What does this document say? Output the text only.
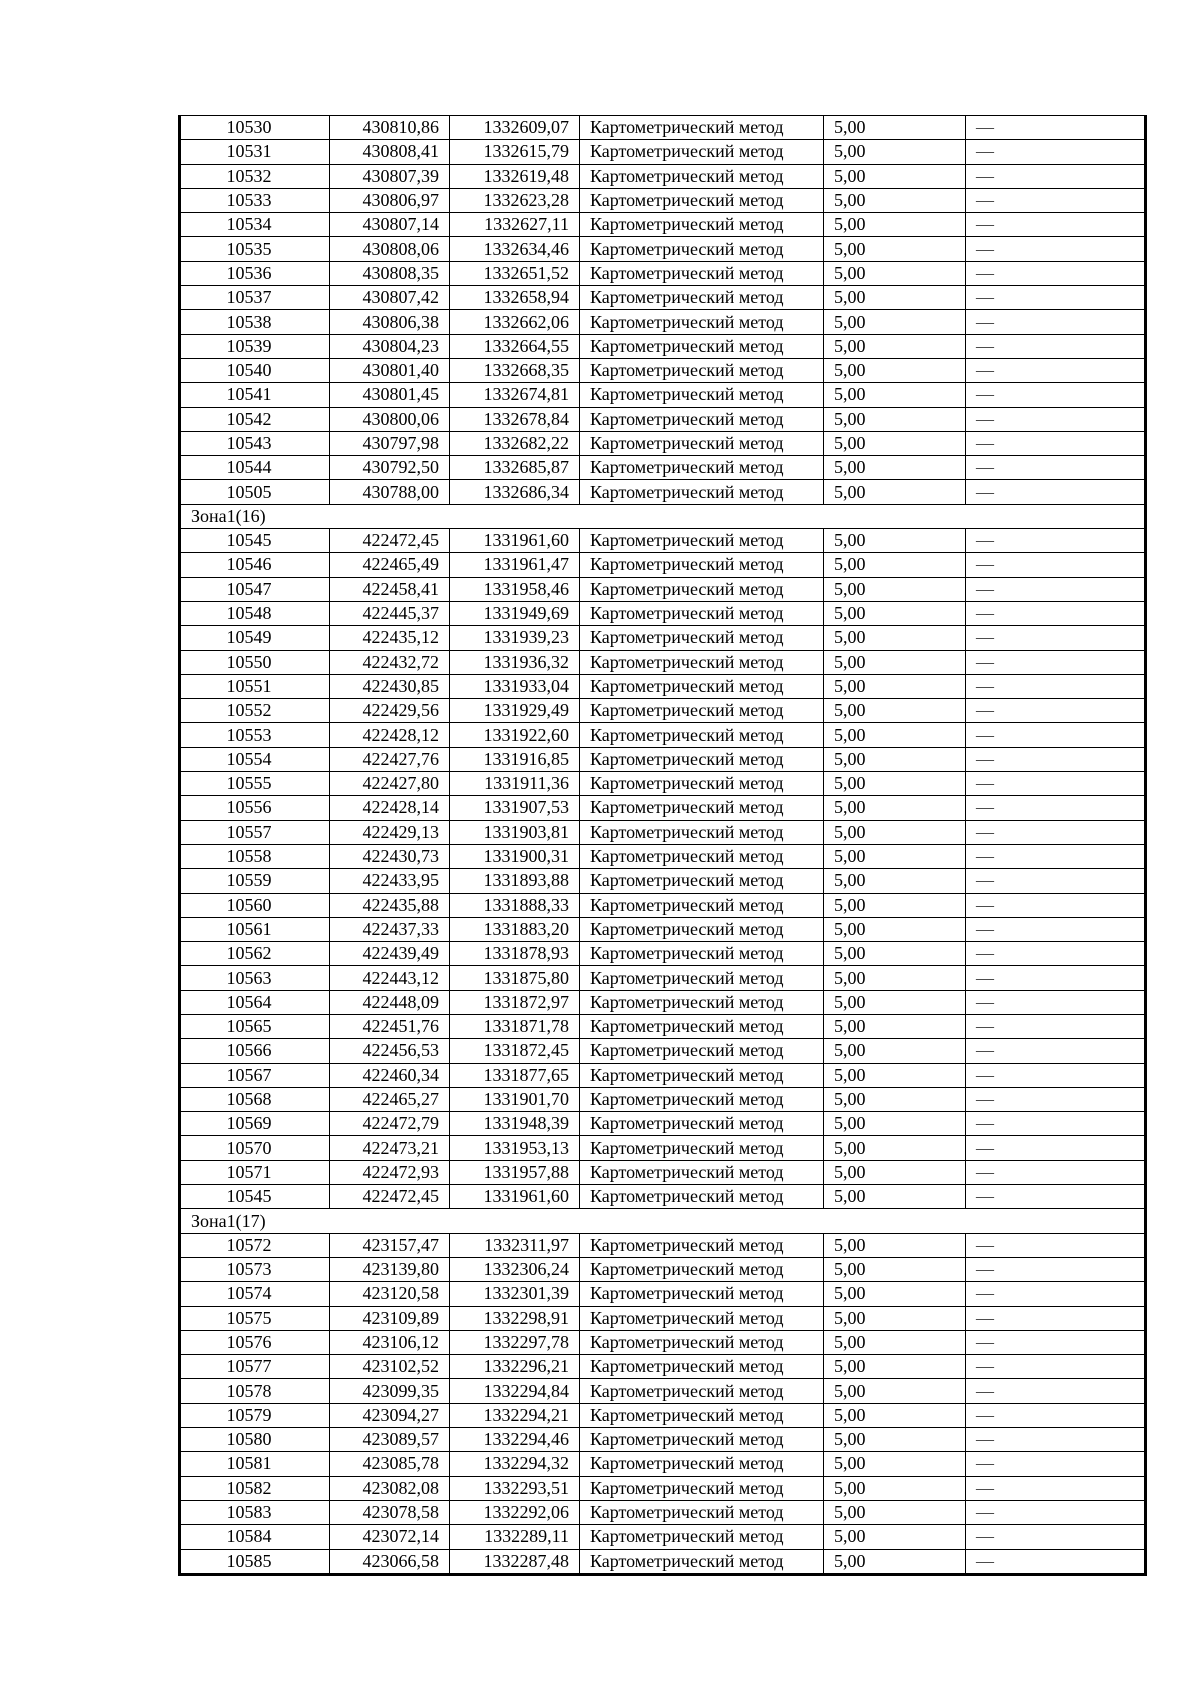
10530	430810,86	1332609,07	Картометрический метод	5,00	—
10531	430808,41	1332615,79	Картометрический метод	5,00	—
10532	430807,39	1332619,48	Картометрический метод	5,00	—
10533	430806,97	1332623,28	Картометрический метод	5,00	—
10534	430807,14	1332627,11	Картометрический метод	5,00	—
10535	430808,06	1332634,46	Картометрический метод	5,00	—
10536	430808,35	1332651,52	Картометрический метод	5,00	—
10537	430807,42	1332658,94	Картометрический метод	5,00	—
10538	430806,38	1332662,06	Картометрический метод	5,00	—
10539	430804,23	1332664,55	Картометрический метод	5,00	—
10540	430801,40	1332668,35	Картометрический метод	5,00	—
10541	430801,45	1332674,81	Картометрический метод	5,00	—
10542	430800,06	1332678,84	Картометрический метод	5,00	—
10543	430797,98	1332682,22	Картометрический метод	5,00	—
10544	430792,50	1332685,87	Картометрический метод	5,00	—
10505	430788,00	1332686,34	Картометрический метод	5,00	—
Зона1(16)					
10545	422472,45	1331961,60	Картометрический метод	5,00	—
10546	422465,49	1331961,47	Картометрический метод	5,00	—
10547	422458,41	1331958,46	Картометрический метод	5,00	—
10548	422445,37	1331949,69	Картометрический метод	5,00	—
10549	422435,12	1331939,23	Картометрический метод	5,00	—
10550	422432,72	1331936,32	Картометрический метод	5,00	—
10551	422430,85	1331933,04	Картометрический метод	5,00	—
10552	422429,56	1331929,49	Картометрический метод	5,00	—
10553	422428,12	1331922,60	Картометрический метод	5,00	—
10554	422427,76	1331916,85	Картометрический метод	5,00	—
10555	422427,80	1331911,36	Картометрический метод	5,00	—
10556	422428,14	1331907,53	Картометрический метод	5,00	—
10557	422429,13	1331903,81	Картометрический метод	5,00	—
10558	422430,73	1331900,31	Картометрический метод	5,00	—
10559	422433,95	1331893,88	Картометрический метод	5,00	—
10560	422435,88	1331888,33	Картометрический метод	5,00	—
10561	422437,33	1331883,20	Картометрический метод	5,00	—
10562	422439,49	1331878,93	Картометрический метод	5,00	—
10563	422443,12	1331875,80	Картометрический метод	5,00	—
10564	422448,09	1331872,97	Картометрический метод	5,00	—
10565	422451,76	1331871,78	Картометрический метод	5,00	—
10566	422456,53	1331872,45	Картометрический метод	5,00	—
10567	422460,34	1331877,65	Картометрический метод	5,00	—
10568	422465,27	1331901,70	Картометрический метод	5,00	—
10569	422472,79	1331948,39	Картометрический метод	5,00	—
10570	422473,21	1331953,13	Картометрический метод	5,00	—
10571	422472,93	1331957,88	Картометрический метод	5,00	—
10545	422472,45	1331961,60	Картометрический метод	5,00	—
Зона1(17)					
10572	423157,47	1332311,97	Картометрический метод	5,00	—
10573	423139,80	1332306,24	Картометрический метод	5,00	—
10574	423120,58	1332301,39	Картометрический метод	5,00	—
10575	423109,89	1332298,91	Картометрический метод	5,00	—
10576	423106,12	1332297,78	Картометрический метод	5,00	—
10577	423102,52	1332296,21	Картометрический метод	5,00	—
10578	423099,35	1332294,84	Картометрический метод	5,00	—
10579	423094,27	1332294,21	Картометрический метод	5,00	—
10580	423089,57	1332294,46	Картометрический метод	5,00	—
10581	423085,78	1332294,32	Картометрический метод	5,00	—
10582	423082,08	1332293,51	Картометрический метод	5,00	—
10583	423078,58	1332292,06	Картометрический метод	5,00	—
10584	423072,14	1332289,11	Картометрический метод	5,00	—
10585	423066,58	1332287,48	Картометрический метод	5,00	—
